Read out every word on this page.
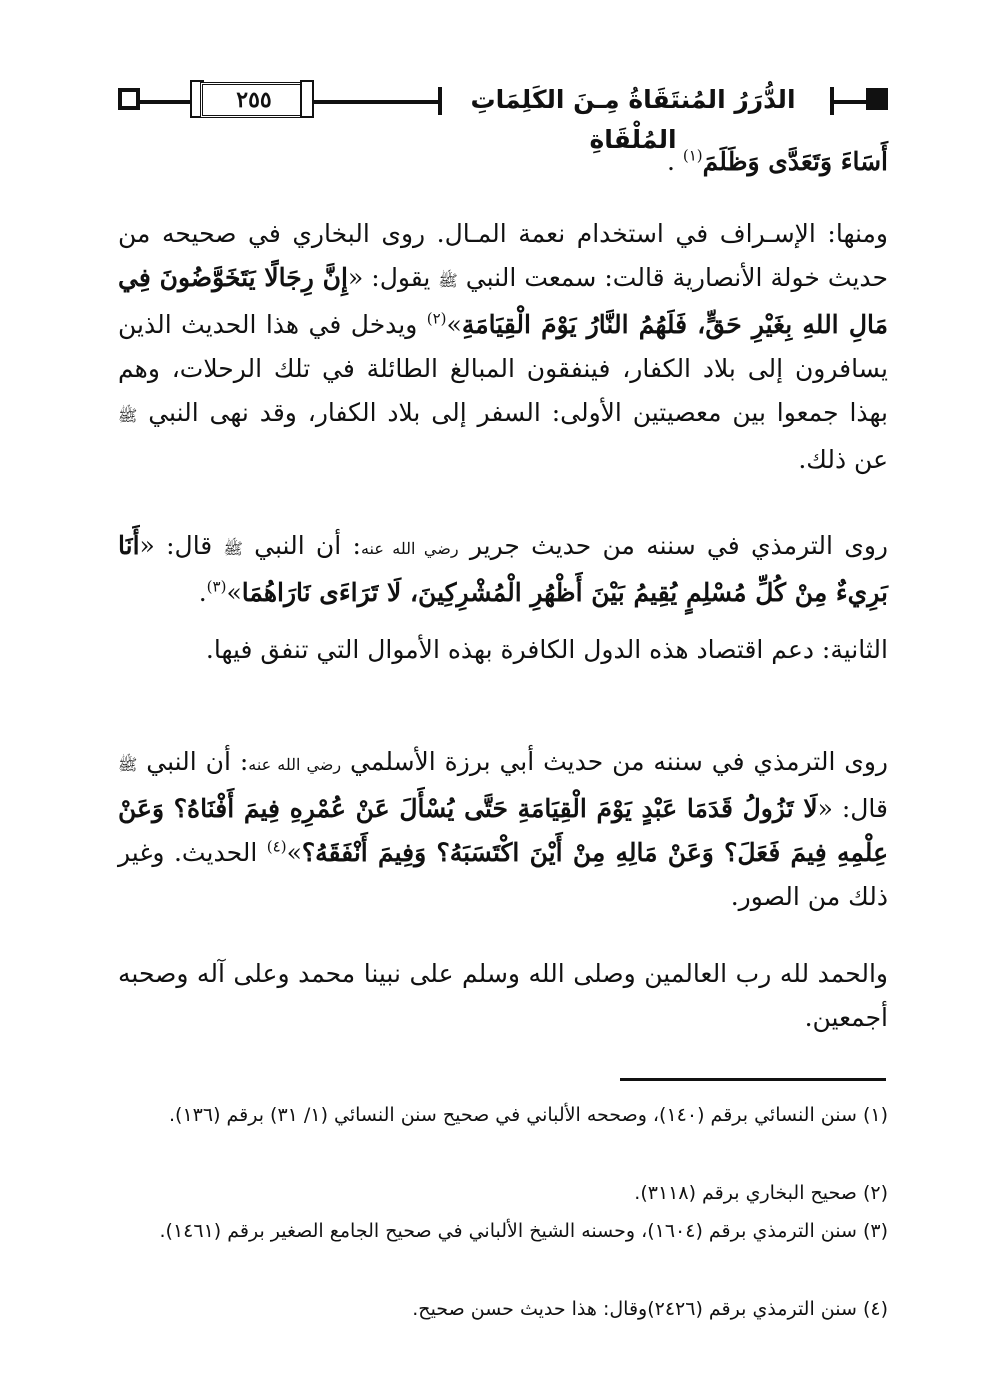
٢٥٥	الدُّرَرُ المُنتَقَاةُ مِـنَ الكَلِمَاتِ المُلْقَاةِ
أَسَاءَ وَتَعَدَّى وَظَلَمَ$^{(١)}$ .
ومنها: الإسـراف في استخدام نعمة المـال. روى البخاري في صحيحه من حديث خولة الأنصارية قالت: سمعت النبي ﷺ يقول: «إِنَّ رِجَالًا يَتَخَوَّضُونَ فِي مَالِ اللهِ بِغَيْرِ حَقٍّ، فَلَهُمُ النَّارُ يَوْمَ الْقِيَامَةِ»$^{(٢)}$ ويدخل في هذا الحديث الذين يسافرون إلى بلاد الكفار، فينفقون المبالغ الطائلة في تلك الرحلات، وهم بهذا جمعوا بين معصيتين الأولى: السفر إلى بلاد الكفار، وقد نهى النبي ﷺ عن ذلك.
روى الترمذي في سننه من حديث جرير رضي الله عنه: أن النبي ﷺ قال: «أَنَا بَرِيءٌ مِنْ كُلِّ مُسْلِمٍ يُقِيمُ بَيْنَ أَظْهُرِ الْمُشْرِكِينَ، لَا تَرَاءَى نَارَاهُمَا»$^{(٣)}$.
الثانية: دعم اقتصاد هذه الدول الكافرة بهذه الأموال التي تنفق فيها.
روى الترمذي في سننه من حديث أبي برزة الأسلمي رضي الله عنه: أن النبي ﷺ قال: «لَا تَزُولُ قَدَمَا عَبْدٍ يَوْمَ الْقِيَامَةِ حَتَّى يُسْأَلَ عَنْ عُمْرِهِ فِيمَ أَفْنَاهُ؟ وَعَنْ عِلْمِهِ فِيمَ فَعَلَ؟ وَعَنْ مَالِهِ مِنْ أَيْنَ اكْتَسَبَهُ؟ وَفِيمَ أَنْفَقَهُ؟»$^{(٤)}$ الحديث. وغير ذلك من الصور.
والحمد لله رب العالمين وصلى الله وسلم على نبينا محمد وعلى آله وصحبه أجمعين.
(١) سنن النسائي برقم (١٤٠)، وصححه الألباني في صحيح سنن النسائي (١/ ٣١) برقم (١٣٦).
(٢) صحيح البخاري برقم (٣١١٨).
(٣) سنن الترمذي برقم (١٦٠٤)، وحسنه الشيخ الألباني في صحيح الجامع الصغير برقم (١٤٦١).
(٤) سنن الترمذي برقم (٢٤٢٦)وقال: هذا حديث حسن صحيح.
